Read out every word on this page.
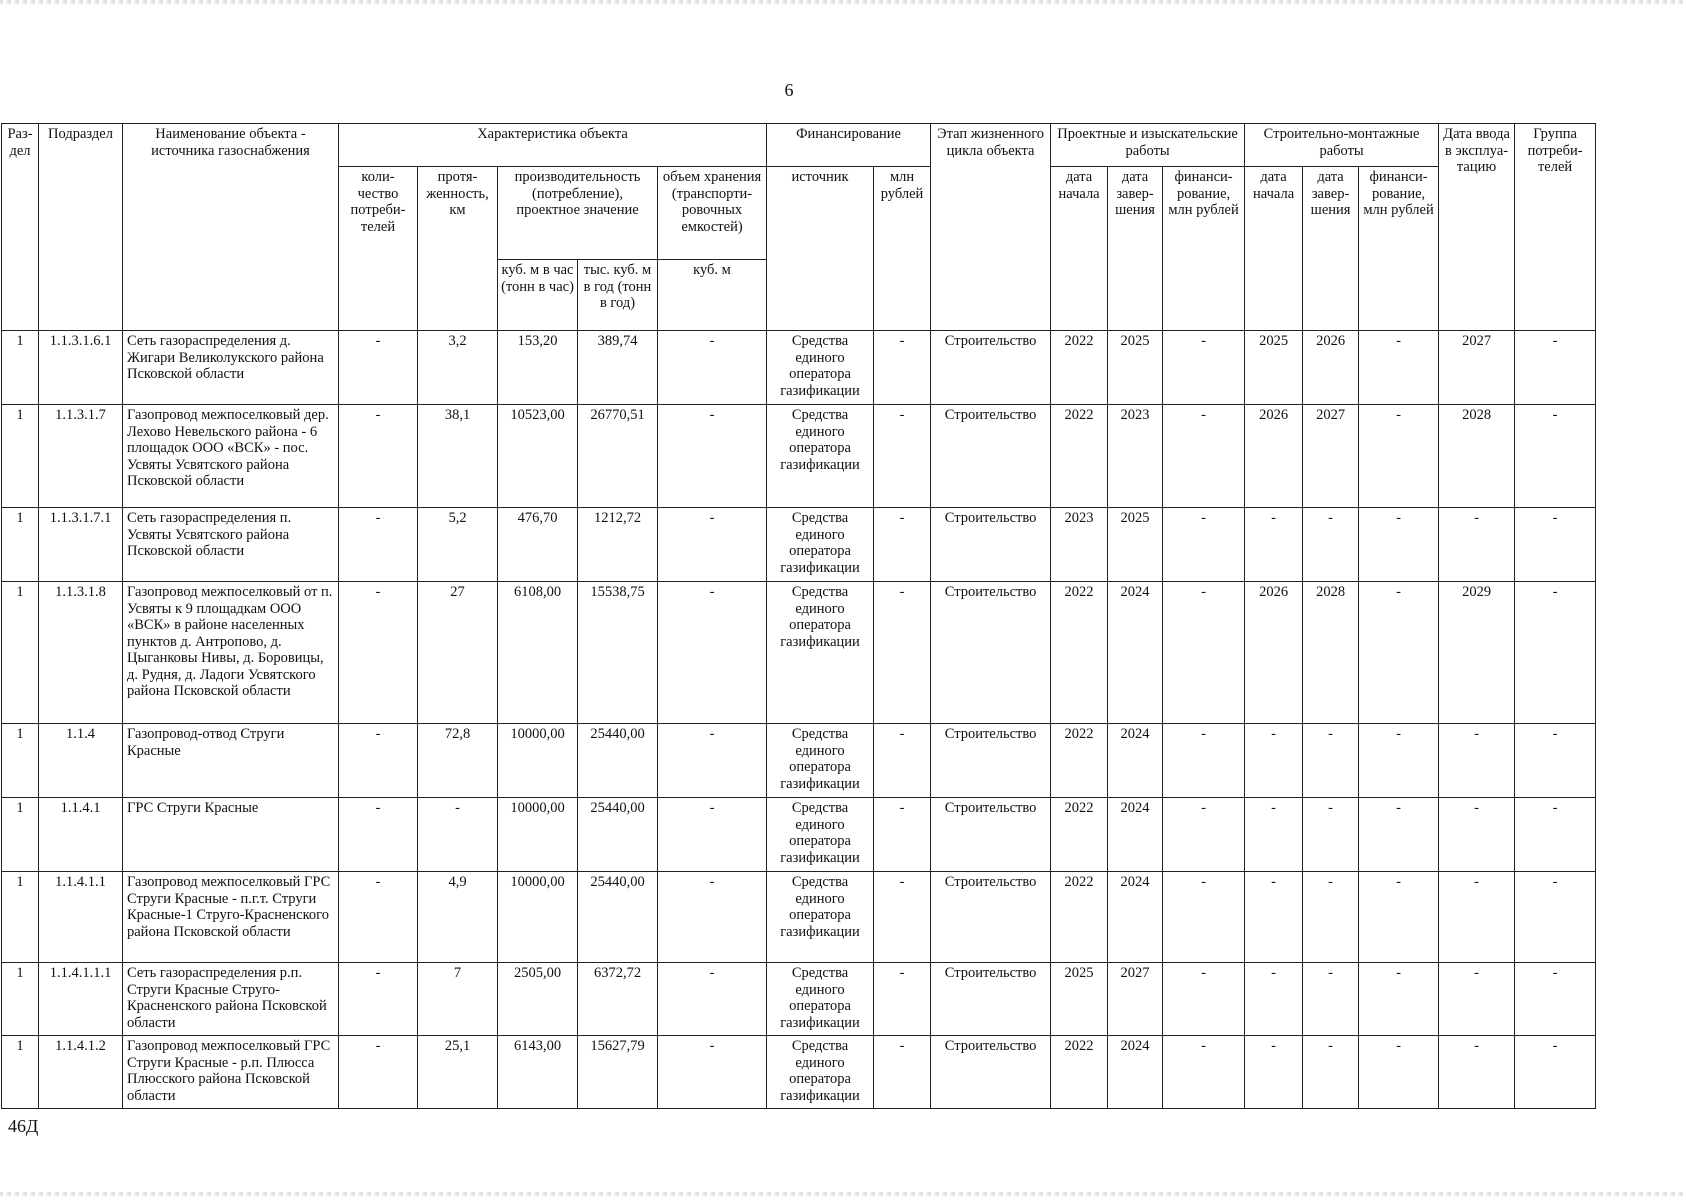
6
Раз-дел	Подраздел	Наименование объекта - источника газоснабжения	Характеристика объекта					Финансирование		Этап жизненного цикла объекта	Проектные и изыскательские работы			Строительно-монтажные работы			Дата ввода в эксплуа-тацию	Группа потреби-телей
			коли-чество потреби-телей	протя-женность, км	производительность (потребление), проектное значение		объем хранения (транспорти-ровочных емкостей)	источник	млн рублей		дата начала	дата завер-шения	финанси-рование, млн рублей	дата начала	дата завер-шения	финанси-рование, млн рублей		
					куб. м в час (тонн в час)	тыс. куб. м в год (тонн в год)	куб. м											
1	1.1.3.1.6.1	Сеть газораспределения д. Жигари Великолукского района Псковской области	-	3,2	153,20	389,74	-	Средства единого оператора газификации	-	Строительство	2022	2025	-	2025	2026	-	2027	-
1	1.1.3.1.7	Газопровод межпоселковый дер. Лехово Невельского района - 6 площадок ООО «ВСК» - пос. Усвяты Усвятского района Псковской области	-	38,1	10523,00	26770,51	-	Средства единого оператора газификации	-	Строительство	2022	2023	-	2026	2027	-	2028	-
1	1.1.3.1.7.1	Сеть газораспределения п. Усвяты Усвятского района Псковской области	-	5,2	476,70	1212,72	-	Средства единого оператора газификации	-	Строительство	2023	2025	-	-	-	-	-	-
1	1.1.3.1.8	Газопровод межпоселковый от п. Усвяты к 9 площадкам ООО «ВСК» в районе населенных пунктов д. Антропово, д. Цыганковы Нивы, д. Боровицы, д. Рудня, д. Ладоги Усвятского района Псковской области	-	27	6108,00	15538,75	-	Средства единого оператора газификации	-	Строительство	2022	2024	-	2026	2028	-	2029	-
1	1.1.4	Газопровод-отвод Струги Красные	-	72,8	10000,00	25440,00	-	Средства единого оператора газификации	-	Строительство	2022	2024	-	-	-	-	-	-
1	1.1.4.1	ГРС Струги Красные	-	-	10000,00	25440,00	-	Средства единого оператора газификации	-	Строительство	2022	2024	-	-	-	-	-	-
1	1.1.4.1.1	Газопровод межпоселковый ГРС Струги Красные - п.г.т. Струги Красные-1 Струго-Красненского района Псковской области	-	4,9	10000,00	25440,00	-	Средства единого оператора газификации	-	Строительство	2022	2024	-	-	-	-	-	-
1	1.1.4.1.1.1	Сеть газораспределения р.п. Струги Красные Струго-Красненского района Псковской области	-	7	2505,00	6372,72	-	Средства единого оператора газификации	-	Строительство	2025	2027	-	-	-	-	-	-
1	1.1.4.1.2	Газопровод межпоселковый ГРС Струги Красные - р.п. Плюсса Плюсского района Псковской области	-	25,1	6143,00	15627,79	-	Средства единого оператора газификации	-	Строительство	2022	2024	-	-	-	-	-	-
46Д
